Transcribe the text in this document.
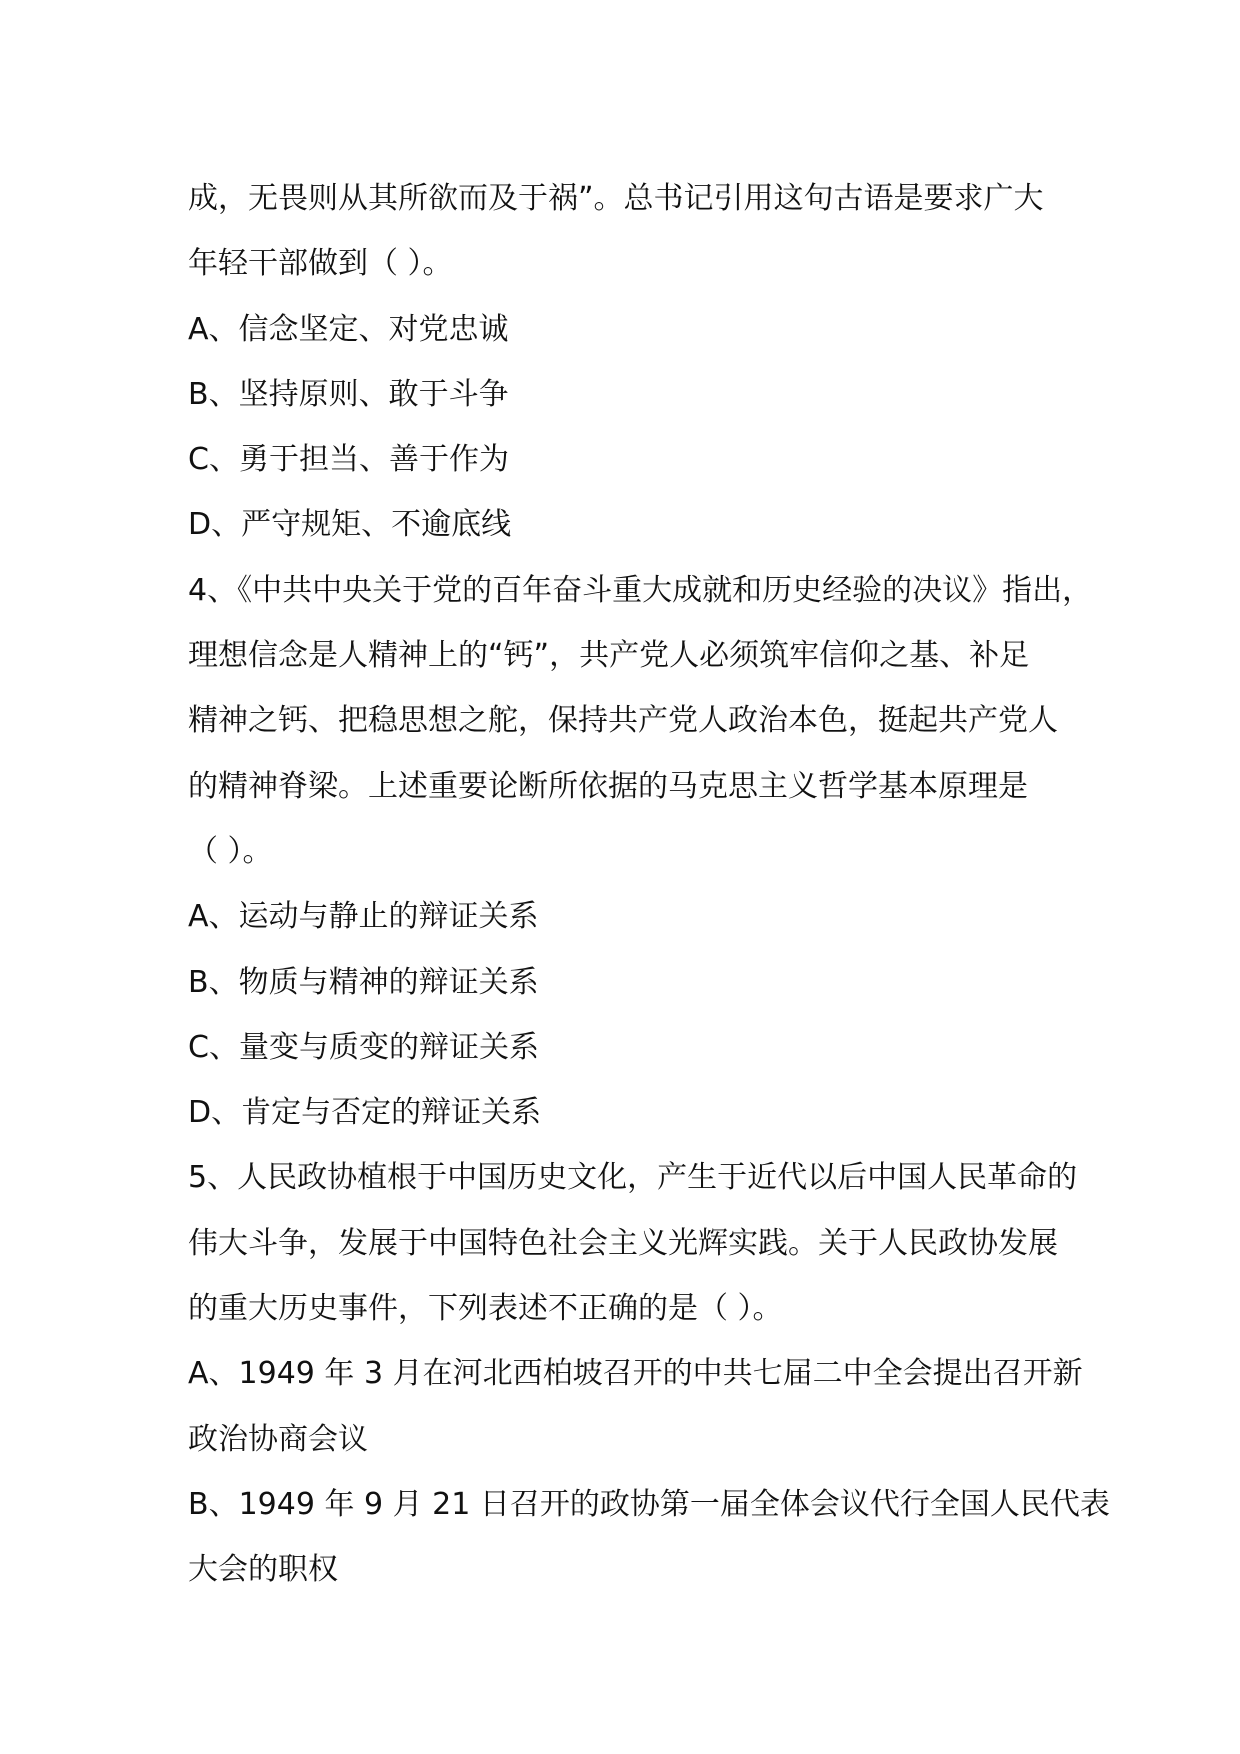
成，无畏则从其所欲而及于祸”。总书记引用这句古语是要求广大
年轻干部做到（ ）。
A、信念坚定、对党忠诚
B、坚持原则、敢于斗争
C、勇于担当、善于作为
D、严守规矩、不逾底线
4、《中共中央关于党的百年奋斗重大成就和历史经验的决议》指出，
理想信念是人精神上的“钙”，共产党人必须筑牢信仰之基、补足
精神之钙、把稳思想之舵，保持共产党人政治本色，挺起共产党人
的精神脊梁。上述重要论断所依据的马克思主义哲学基本原理是
（ ）。
A、运动与静止的辩证关系
B、物质与精神的辩证关系
C、量变与质变的辩证关系
D、肯定与否定的辩证关系
5、人民政协植根于中国历史文化，产生于近代以后中国人民革命的
伟大斗争，发展于中国特色社会主义光辉实践。关于人民政协发展
的重大历史事件，下列表述不正确的是（ ）。
A、1949 年 3 月在河北西柏坡召开的中共七届二中全会提出召开新
政治协商会议
B、1949 年 9 月 21 日召开的政协第一届全体会议代行全国人民代表
大会的职权
